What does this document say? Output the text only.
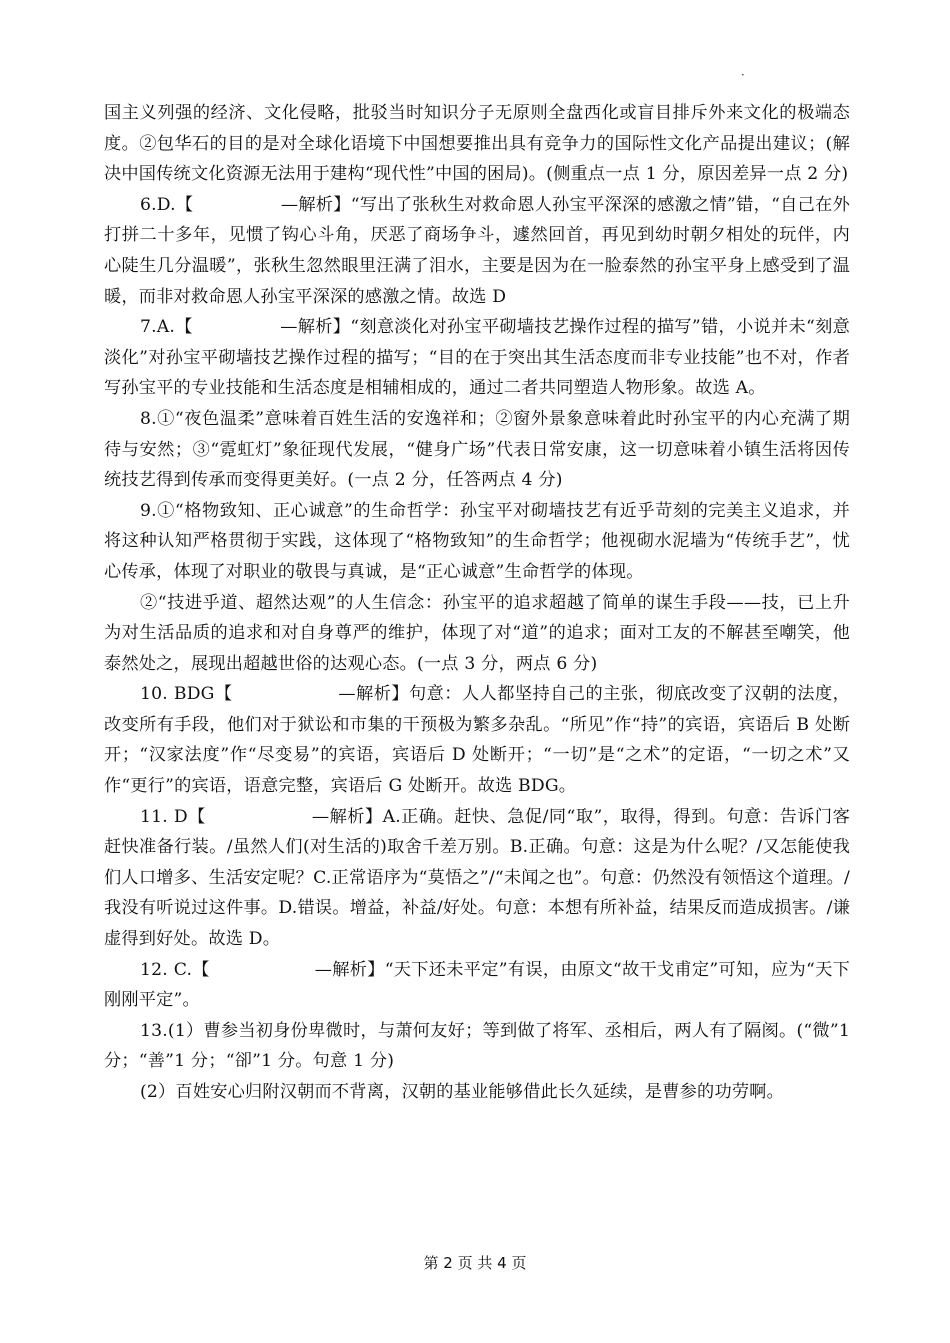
·

国主义列强的经济、文化侵略，批驳当时知识分子无原则全盘西化或盲目排斥外来文化的极端态度。②包华石的目的是对全球化语境下中国想要推出具有竞争力的国际性文化产品提出建议；(解决中国传统文化资源无法用于建构“现代性”中国的困局)。(侧重点一点 1 分，原因差异一点 2 分)

6.D.【　　　　　—解析】“写出了张秋生对救命恩人孙宝平深深的感激之情”错，“自己在外打拼二十多年，见惯了钩心斗角，厌恶了商场争斗，遽然回首，再见到幼时朝夕相处的玩伴，内心陡生几分温暖”，张秋生忽然眼里汪满了泪水，主要是因为在一脸泰然的孙宝平身上感受到了温暖，而非对救命恩人孙宝平深深的感激之情。故选 D

7.A.【　　　　　—解析】“刻意淡化对孙宝平砌墙技艺操作过程的描写”错，小说并未“刻意淡化”对孙宝平砌墙技艺操作过程的描写；“目的在于突出其生活态度而非专业技能”也不对，作者写孙宝平的专业技能和生活态度是相辅相成的，通过二者共同塑造人物形象。故选 A。

8.①“夜色温柔”意味着百姓生活的安逸祥和；②窗外景象意味着此时孙宝平的内心充满了期待与安然；③“霓虹灯”象征现代发展，“健身广场”代表日常安康，这一切意味着小镇生活将因传统技艺得到传承而变得更美好。(一点 2 分，任答两点 4 分)

9.①“格物致知、正心诚意”的生命哲学：孙宝平对砌墙技艺有近乎苛刻的完美主义追求，并将这种认知严格贯彻于实践，这体现了“格物致知”的生命哲学；他视砌水泥墙为“传统手艺”，忧心传承，体现了对职业的敬畏与真诚，是“正心诚意”生命哲学的体现。

②“技进乎道、超然达观”的人生信念：孙宝平的追求超越了简单的谋生手段——技，已上升为对生活品质的追求和对自身尊严的维护，体现了对“道”的追求；面对工友的不解甚至嘲笑，他泰然处之，展现出超越世俗的达观心态。(一点 3 分，两点 6 分)

10. BDG【　　　　　　—解析】句意：人人都坚持自己的主张，彻底改变了汉朝的法度，改变所有手段，他们对于狱讼和市集的干预极为繁多杂乱。“所见”作“持”的宾语，宾语后 B 处断开；“汉家法度”作“尽变易”的宾语，宾语后 D 处断开；“一切”是“之术”的定语，“一切之术”又作“更行”的宾语，语意完整，宾语后 G 处断开。故选 BDG。

11. D【　　　　　　—解析】A.正确。赶快、急促/同“取”，取得，得到。句意：告诉门客赶快准备行装。/虽然人们(对生活的)取舍千差万别。B.正确。句意：这是为什么呢？/又怎能使我们人口增多、生活安定呢？C.正常语序为“莫悟之”/“未闻之也”。句意：仍然没有领悟这个道理。/我没有听说过这件事。D.错误。增益，补益/好处。句意：本想有所补益，结果反而造成损害。/谦虚得到好处。故选 D。

12. C.【　　　　　　—解析】“天下还未平定”有误，由原文“故干戈甫定”可知，应为“天下刚刚平定”。

13.(1）曹参当初身份卑微时，与萧何友好；等到做了将军、丞相后，两人有了隔阂。(“微”1 分；“善”1 分；“卻”1 分。句意 1 分)

(2）百姓安心归附汉朝而不背离，汉朝的基业能够借此长久延续，是曹参的功劳啊。

第 2 页 共 4 页
